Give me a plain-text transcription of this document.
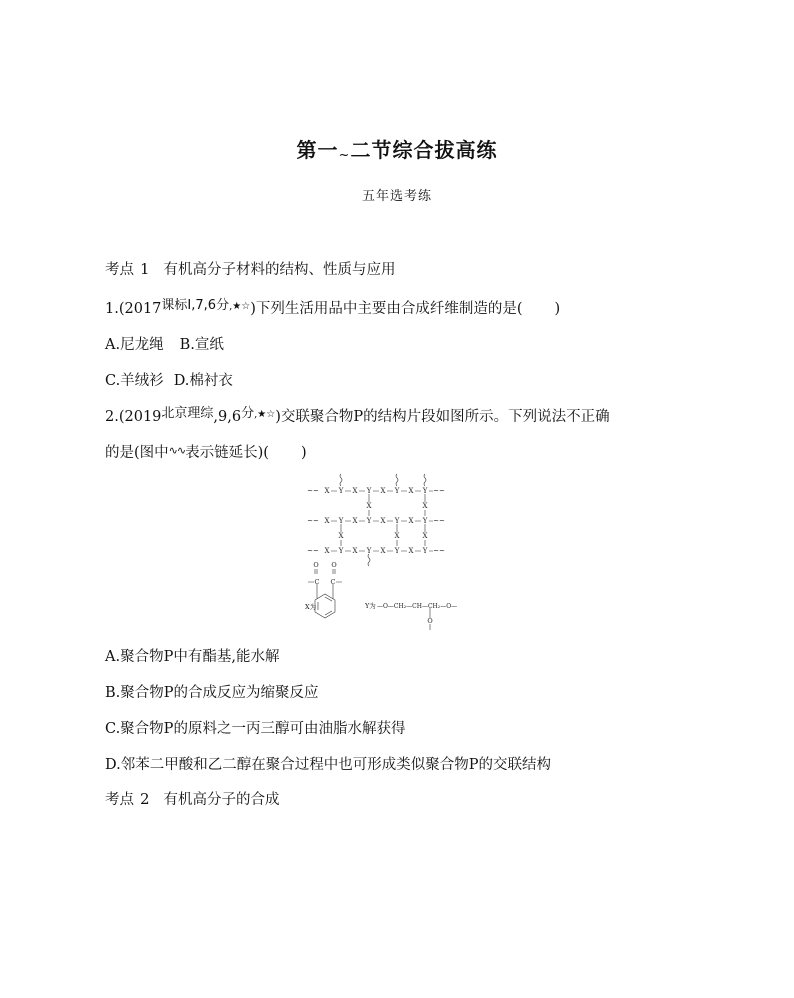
第一~二节综合拔高练
五年选考练
考点 1 有机高分子材料的结构、性质与应用
1.(2017课标Ⅰ,7,6分,★☆)下列生活用品中主要由合成纤维制造的是( )
A.尼龙绳 B.宣纸
C.羊绒衫 D.棉衬衣
2.(2019北京理综,9,6分,★☆)交联聚合物P的结构片段如图所示。下列说法不正确
的是(图中∿∿表示链延长)( )
~~ X Y X Y X Y X Y ~~
~~ X Y X Y X Y X Y ~~
~~ X Y X Y X Y X Y ~~
X
X
X
X
X
O O
C C
O
X为	Y为 —O—CH₂—CH—CH₂—O—
A.聚合物P中有酯基,能水解
B.聚合物P的合成反应为缩聚反应
C.聚合物P的原料之一丙三醇可由油脂水解获得
D.邻苯二甲酸和乙二醇在聚合过程中也可形成类似聚合物P的交联结构
考点 2 有机高分子的合成
